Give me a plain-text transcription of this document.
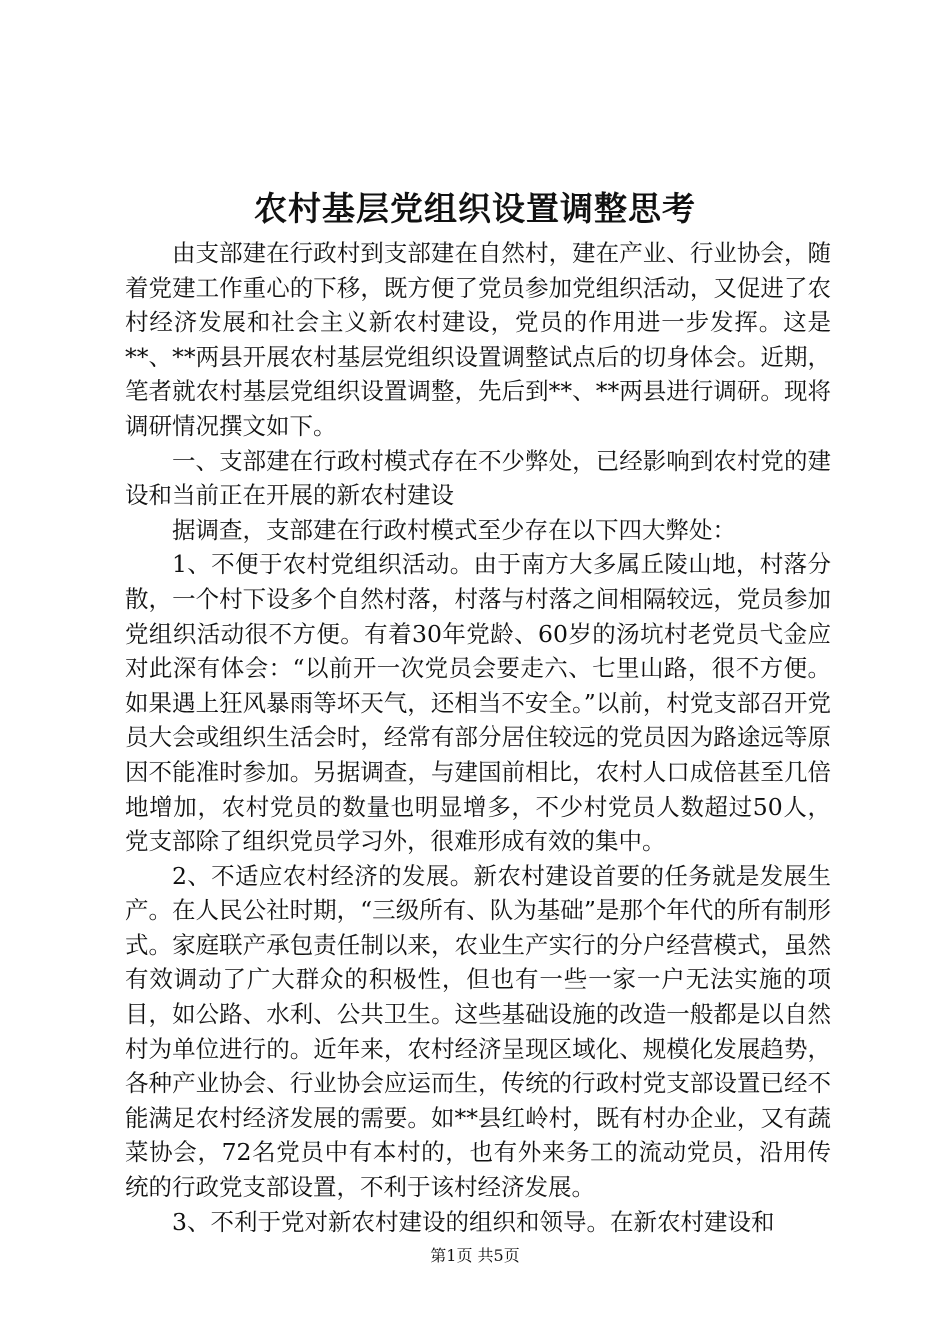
农村基层党组织设置调整思考

由支部建在行政村到支部建在自然村，建在产业、行业协会，随着党建工作重心的下移，既方便了党员参加党组织活动，又促进了农村经济发展和社会主义新农村建设，党员的作用进一步发挥。这是**、**两县开展农村基层党组织设置调整试点后的切身体会。近期，笔者就农村基层党组织设置调整，先后到**、**两县进行调研。现将调研情况撰文如下。

一、支部建在行政村模式存在不少弊处，已经影响到农村党的建设和当前正在开展的新农村建设

据调查，支部建在行政村模式至少存在以下四大弊处：

1、不便于农村党组织活动。由于南方大多属丘陵山地，村落分散，一个村下设多个自然村落，村落与村落之间相隔较远，党员参加党组织活动很不方便。有着30年党龄、60岁的汤坑村老党员弋金应对此深有体会：“以前开一次党员会要走六、七里山路，很不方便。如果遇上狂风暴雨等坏天气，还相当不安全。”以前，村党支部召开党员大会或组织生活会时，经常有部分居住较远的党员因为路途远等原因不能准时参加。另据调查，与建国前相比，农村人口成倍甚至几倍地增加，农村党员的数量也明显增多，不少村党员人数超过50人，党支部除了组织党员学习外，很难形成有效的集中。

2、不适应农村经济的发展。新农村建设首要的任务就是发展生产。在人民公社时期，“三级所有、队为基础”是那个年代的所有制形式。家庭联产承包责任制以来，农业生产实行的分户经营模式，虽然有效调动了广大群众的积极性，但也有一些一家一户无法实施的项目，如公路、水利、公共卫生。这些基础设施的改造一般都是以自然村为单位进行的。近年来，农村经济呈现区域化、规模化发展趋势，各种产业协会、行业协会应运而生，传统的行政村党支部设置已经不能满足农村经济发展的需要。如**县红岭村，既有村办企业，又有蔬菜协会，72名党员中有本村的，也有外来务工的流动党员，沿用传统的行政党支部设置，不利于该村经济发展。

3、不利于党对新农村建设的组织和领导。在新农村建设和

第1页 共5页
